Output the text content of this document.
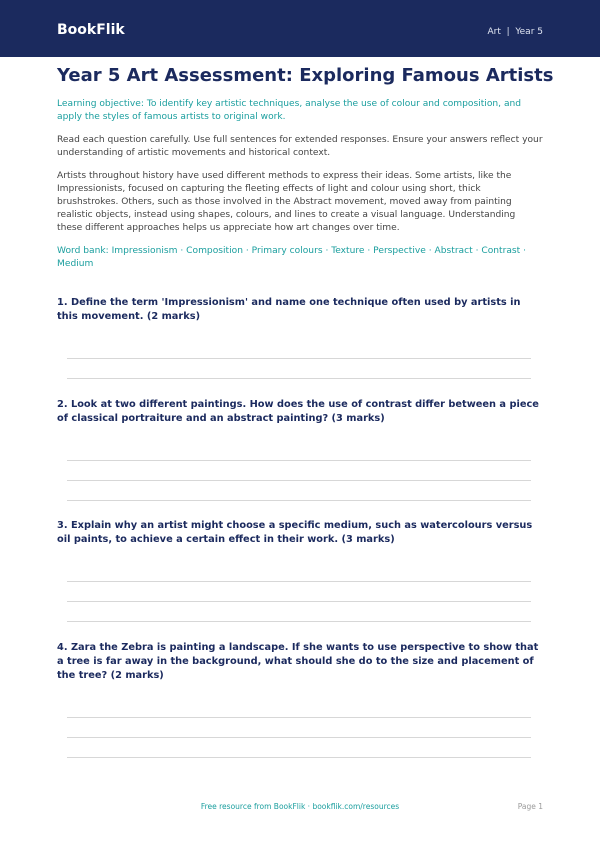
BookFlik	Art  |  Year 5
Year 5 Art Assessment: Exploring Famous Artists

Learning objective: To identify key artistic techniques, analyse the use of colour and composition, and apply the styles of famous artists to original work.

Read each question carefully. Use full sentences for extended responses. Ensure your answers reflect your understanding of artistic movements and historical context.

Artists throughout history have used different methods to express their ideas. Some artists, like the Impressionists, focused on capturing the fleeting effects of light and colour using short, thick brushstrokes. Others, such as those involved in the Abstract movement, moved away from painting realistic objects, instead using shapes, colours, and lines to create a visual language. Understanding these different approaches helps us appreciate how art changes over time.

Word bank: Impressionism · Composition · Primary colours · Texture · Perspective · Abstract · Contrast · Medium

1. Define the term 'Impressionism' and name one technique often used by artists in this movement. (2 marks)

2. Look at two different paintings. How does the use of contrast differ between a piece of classical portraiture and an abstract painting? (3 marks)

3. Explain why an artist might choose a specific medium, such as watercolours versus oil paints, to achieve a certain effect in their work. (3 marks)

4. Zara the Zebra is painting a landscape. If she wants to use perspective to show that a tree is far away in the background, what should she do to the size and placement of the tree? (2 marks)

Free resource from BookFlik · bookflik.com/resources	Page 1
